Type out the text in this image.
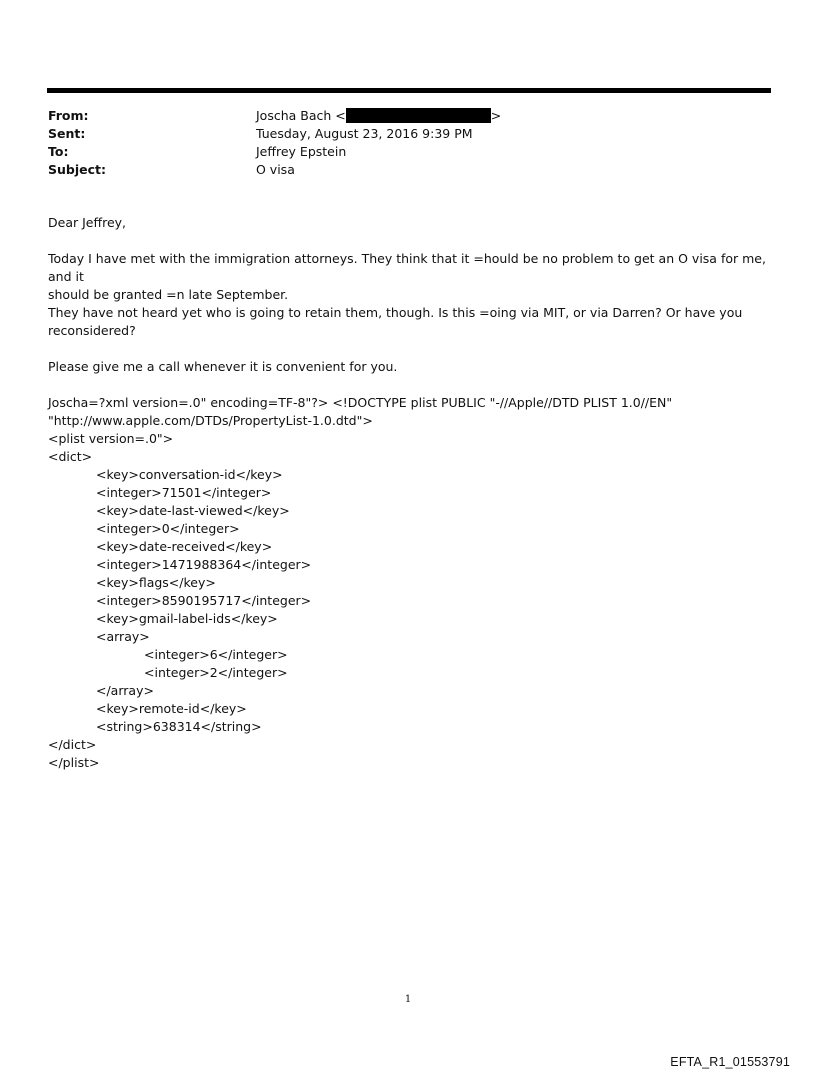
From:	Joscha Bach <	>
Sent:	Tuesday, August 23, 2016 9:39 PM
To:	Jeffrey Epstein
Subject:	O visa

Dear Jeffrey,

Today I have met with the immigration attorneys. They think that it =hould be no problem to get an O visa for me, and it

should be granted =n late September.

They have not heard yet who is going to retain them, though. Is this =oing via MIT, or via Darren? Or have you

reconsidered?

Please give me a call whenever it is convenient for you.

Joscha=?xml version=.0" encoding=TF-8"?> <!DOCTYPE plist PUBLIC "-//Apple//DTD PLIST 1.0//EN"
"http://www.apple.com/DTDs/PropertyList-1.0.dtd">
<plist version=.0">
<dict>
<key>conversation-id</key>
<integer>71501</integer>
<key>date-last-viewed</key>
<integer>0</integer>
<key>date-received</key>
<integer>1471988364</integer>
<key>flags</key>
<integer>8590195717</integer>
<key>gmail-label-ids</key>
<array>
<integer>6</integer>
<integer>2</integer>
</array>
<key>remote-id</key>
<string>638314</string>
</dict>
</plist>
1
EFTA_R1_01553791
